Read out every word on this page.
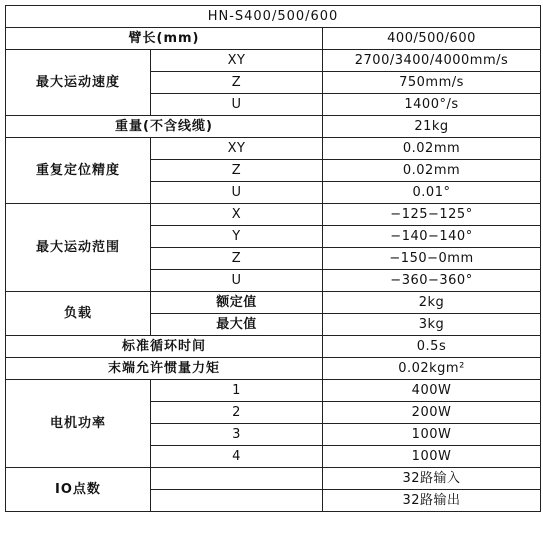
HN-S400/500/600		
臂长(mm)		400/500/600
最大运动速度	XY	2700/3400/4000mm/s
	Z	750mm/s
	U	1400°/s
重量(不含线缆)		21kg
重复定位精度	XY	0.02mm
	Z	0.02mm
	U	0.01°
最大运动范围	X	−125−125°
	Y	−140−140°
	Z	−150−0mm
	U	−360−360°
负载	额定值	2kg
	最大值	3kg
标准循环时间		0.5s
末端允许惯量力矩		0.02kgm²
电机功率	1	400W
	2	200W
	3	100W
	4	100W
IO点数		32路输入
		32路输出
